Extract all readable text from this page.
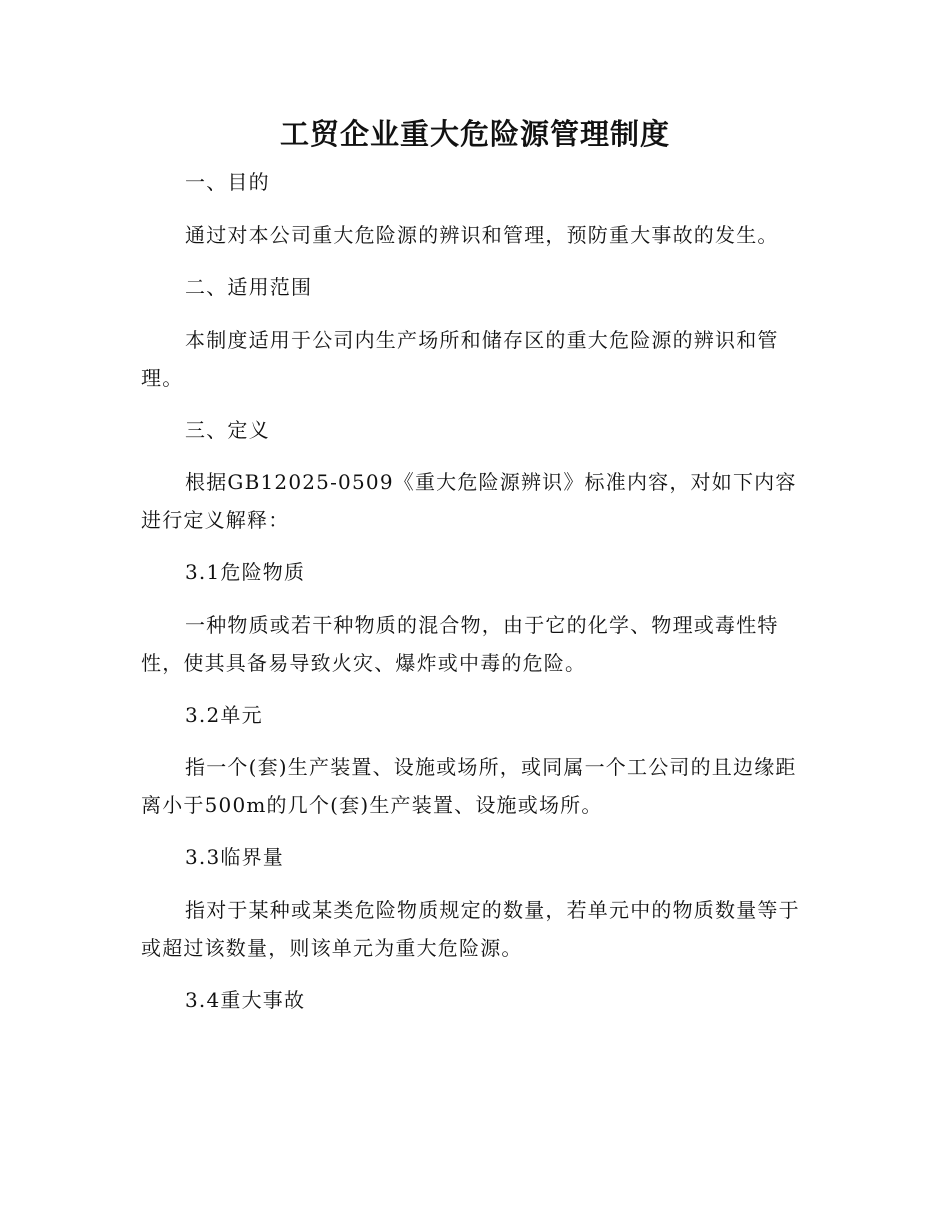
工贸企业重大危险源管理制度
一、目的
通过对本公司重大危险源的辨识和管理，预防重大事故的发生。
二、适用范围
本制度适用于公司内生产场所和储存区的重大危险源的辨识和管理。
三、定义
根据GB12025-0509《重大危险源辨识》标准内容，对如下内容进行定义解释：
3.1危险物质
一种物质或若干种物质的混合物，由于它的化学、物理或毒性特性，使其具备易导致火灾、爆炸或中毒的危险。
3.2单元
指一个(套)生产装置、设施或场所，或同属一个工公司的且边缘距离小于500m的几个(套)生产装置、设施或场所。
3.3临界量
指对于某种或某类危险物质规定的数量，若单元中的物质数量等于或超过该数量，则该单元为重大危险源。
3.4重大事故
